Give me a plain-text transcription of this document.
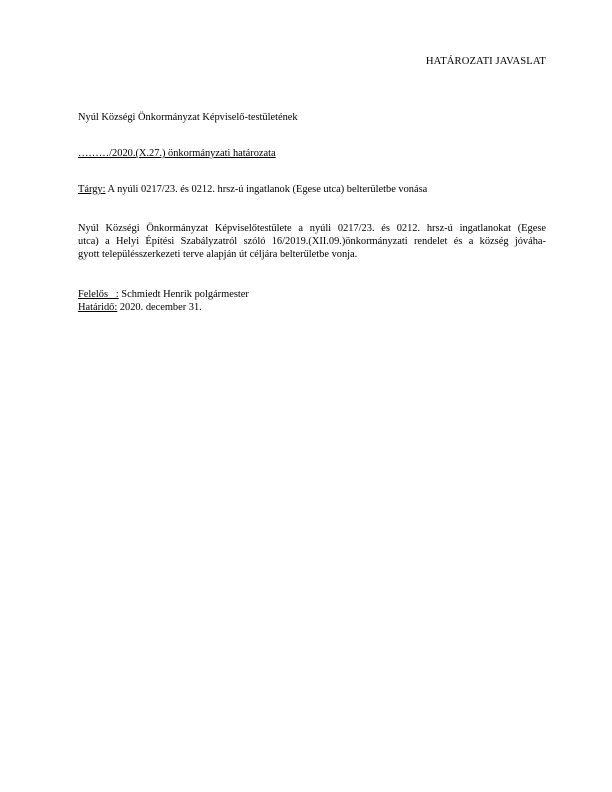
HATÁROZATI JAVASLAT
Nyúl Községi Önkormányzat Képviselő-testületének
………/2020.(X.27.) önkormányzati határozata
Tárgy: A nyúli 0217/23. és 0212. hrsz-ú ingatlanok (Egese utca) belterületbe vonása
Nyúl Községi Önkormányzat Képviselőtestülete a nyúli 0217/23. és 0212. hrsz-ú ingatlanokat (Egese
utca) a Helyi Építési Szabályzatról szóló 16/2019.(XII.09.)önkormányzati rendelet és a község jóváha-
gyott településszerkezeti terve alapján út céljára belterületbe vonja.
Felelős   : Schmiedt Henrik polgármester
Határidő: 2020. december 31.
